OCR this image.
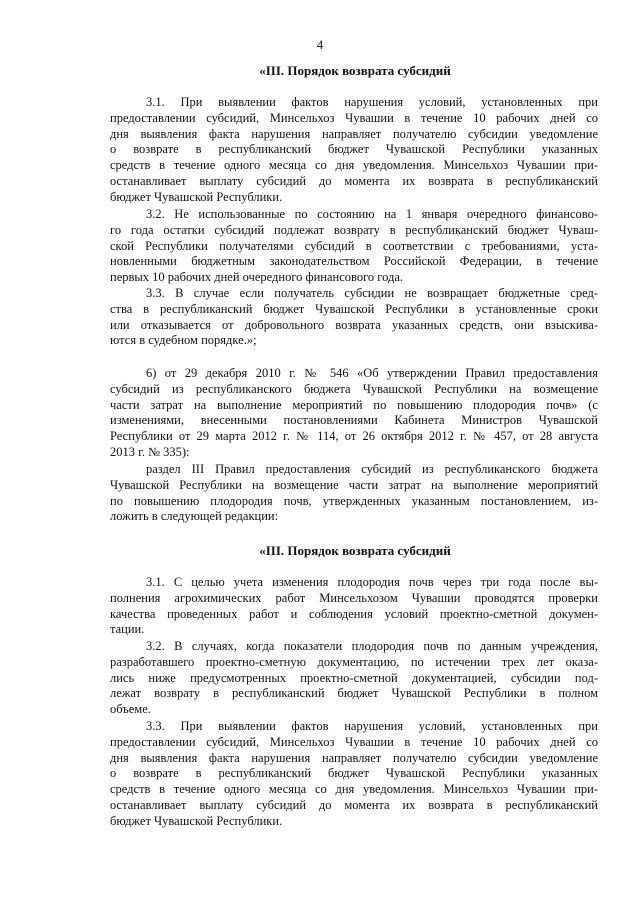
4
«III. Порядок возврата субсидий
3.1. При выявлении фактов нарушения условий, установленных при
предоставлении субсидий, Минсельхоз Чувашии в течение 10 рабочих дней со
дня выявления факта нарушения направляет получателю субсидии уведомление
о возврате в республиканский бюджет Чувашской Республики указанных
средств в течение одного месяца со дня уведомления. Минсельхоз Чувашии при-
останавливает выплату субсидий до момента их возврата в республиканский
бюджет Чувашской Республики.
3.2. Не использованные по состоянию на 1 января очередного финансово-
го года остатки субсидий подлежат возврату в республиканский бюджет Чуваш-
ской Республики получателями субсидий в соответствии с требованиями, уста-
новленными бюджетным законодательством Российской Федерации, в течение
первых 10 рабочих дней очередного финансового года.
3.3. В случае если получатель субсидии не возвращает бюджетные сред-
ства в республиканский бюджет Чувашской Республики в установленные сроки
или отказывается от добровольного возврата указанных средств, они взыскива-
ются в судебном порядке.»;
6) от 29 декабря 2010 г. № 546 «Об утверждении Правил предоставления
субсидий из республиканского бюджета Чувашской Республики на возмещение
части затрат на выполнение мероприятий по повышению плодородия почв» (с
изменениями, внесенными постановлениями Кабинета Министров Чувашской
Республики от 29 марта 2012 г. № 114, от 26 октября 2012 г. № 457, от 28 августа
2013 г. № 335):
раздел III Правил предоставления субсидий из республиканского бюджета
Чувашской Республики на возмещение части затрат на выполнение мероприятий
по повышению плодородия почв, утвержденных указанным постановлением, из-
ложить в следующей редакции:
«III. Порядок возврата субсидий
3.1. С целью учета изменения плодородия почв через три года после вы-
полнения агрохимических работ Минсельхозом Чувашии проводятся проверки
качества проведенных работ и соблюдения условий проектно-сметной докумен-
тации.
3.2. В случаях, когда показатели плодородия почв по данным учреждения,
разработавшего проектно-сметную документацию, по истечении трех лет оказа-
лись ниже предусмотренных проектно-сметной документацией, субсидии под-
лежат возврату в республиканский бюджет Чувашской Республики в полном
объеме.
3.3. При выявлении фактов нарушения условий, установленных при
предоставлении субсидий, Минсельхоз Чувашии в течение 10 рабочих дней со
дня выявления факта нарушения направляет получателю субсидии уведомление
о возврате в республиканский бюджет Чувашской Республики указанных
средств в течение одного месяца со дня уведомления. Минсельхоз Чувашии при-
останавливает выплату субсидий до момента их возврата в республиканский
бюджет Чувашской Республики.
